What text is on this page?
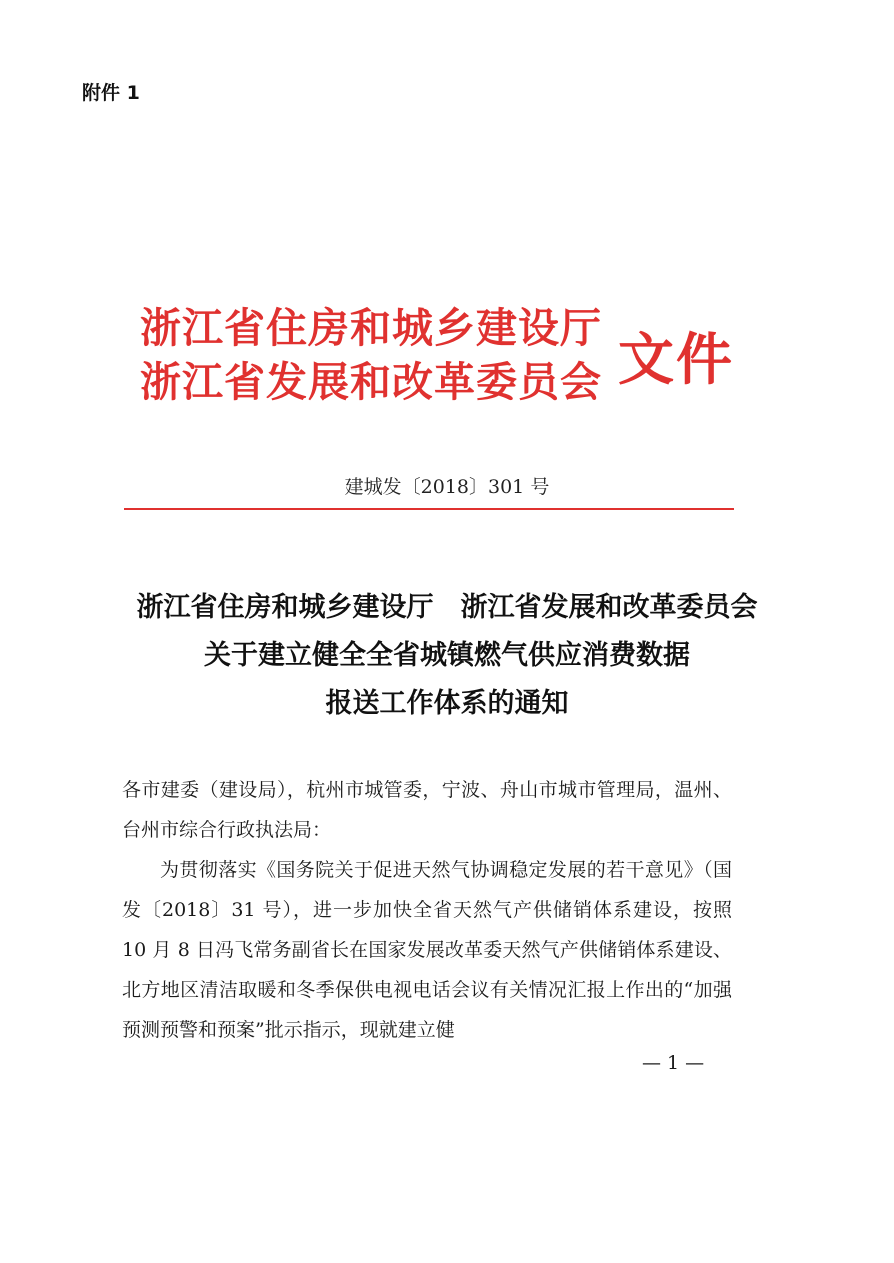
附件 1
浙江省住房和城乡建设厅
浙江省发展和改革委员会 文件
建城发〔2018〕301 号
浙江省住房和城乡建设厅　浙江省发展和改革委员会
关于建立健全全省城镇燃气供应消费数据
报送工作体系的通知
各市建委（建设局），杭州市城管委，宁波、舟山市城市管理局，温州、台州市综合行政执法局：
为贯彻落实《国务院关于促进天然气协调稳定发展的若干意见》（国发〔2018〕31 号），进一步加快全省天然气产供储销体系建设，按照 10 月 8 日冯飞常务副省长在国家发展改革委天然气产供储销体系建设、北方地区清洁取暖和冬季保供电视电话会议有关情况汇报上作出的“加强预测预警和预案”批示指示，现就建立健
— 1 —
